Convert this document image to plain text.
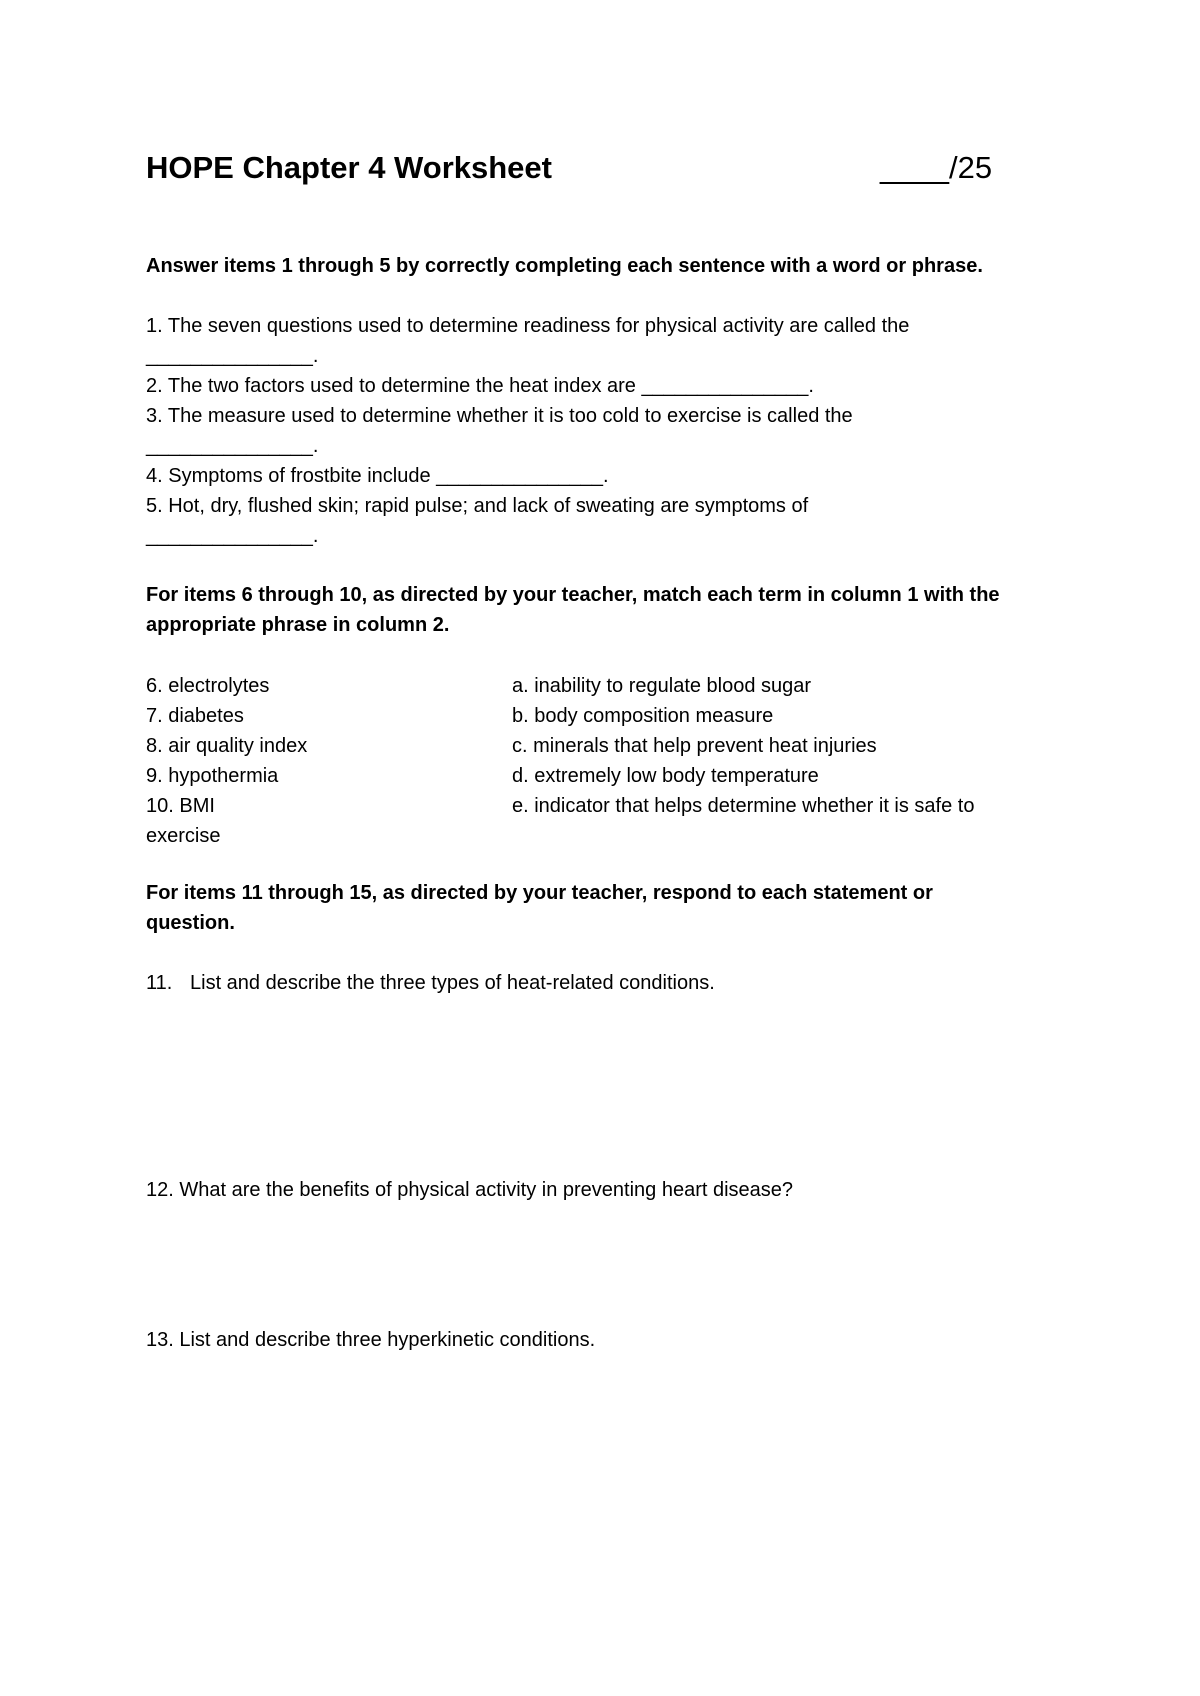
HOPE Chapter 4 Worksheet	____/25
Answer items 1 through 5 by correctly completing each sentence with a word or phrase.
1. The seven questions used to determine readiness for physical activity are called the
_______________.
2. The two factors used to determine the heat index are _______________.
3. The measure used to determine whether it is too cold to exercise is called the
_______________.
4. Symptoms of frostbite include _______________.
5. Hot, dry, flushed skin; rapid pulse; and lack of sweating are symptoms of
_______________.
For items 6 through 10, as directed by your teacher, match each term in column 1 with the
appropriate phrase in column 2.
6. electrolytes
7. diabetes
8. air quality index
9. hypothermia
10. BMI
a. inability to regulate blood sugar
b. body composition measure
c. minerals that help prevent heat injuries
d. extremely low body temperature
e. indicator that helps determine whether it is safe to
exercise
For items 11 through 15, as directed by your teacher, respond to each statement or
question.
11. List and describe the three types of heat-related conditions.
12. What are the benefits of physical activity in preventing heart disease?
13. List and describe three hyperkinetic conditions.
